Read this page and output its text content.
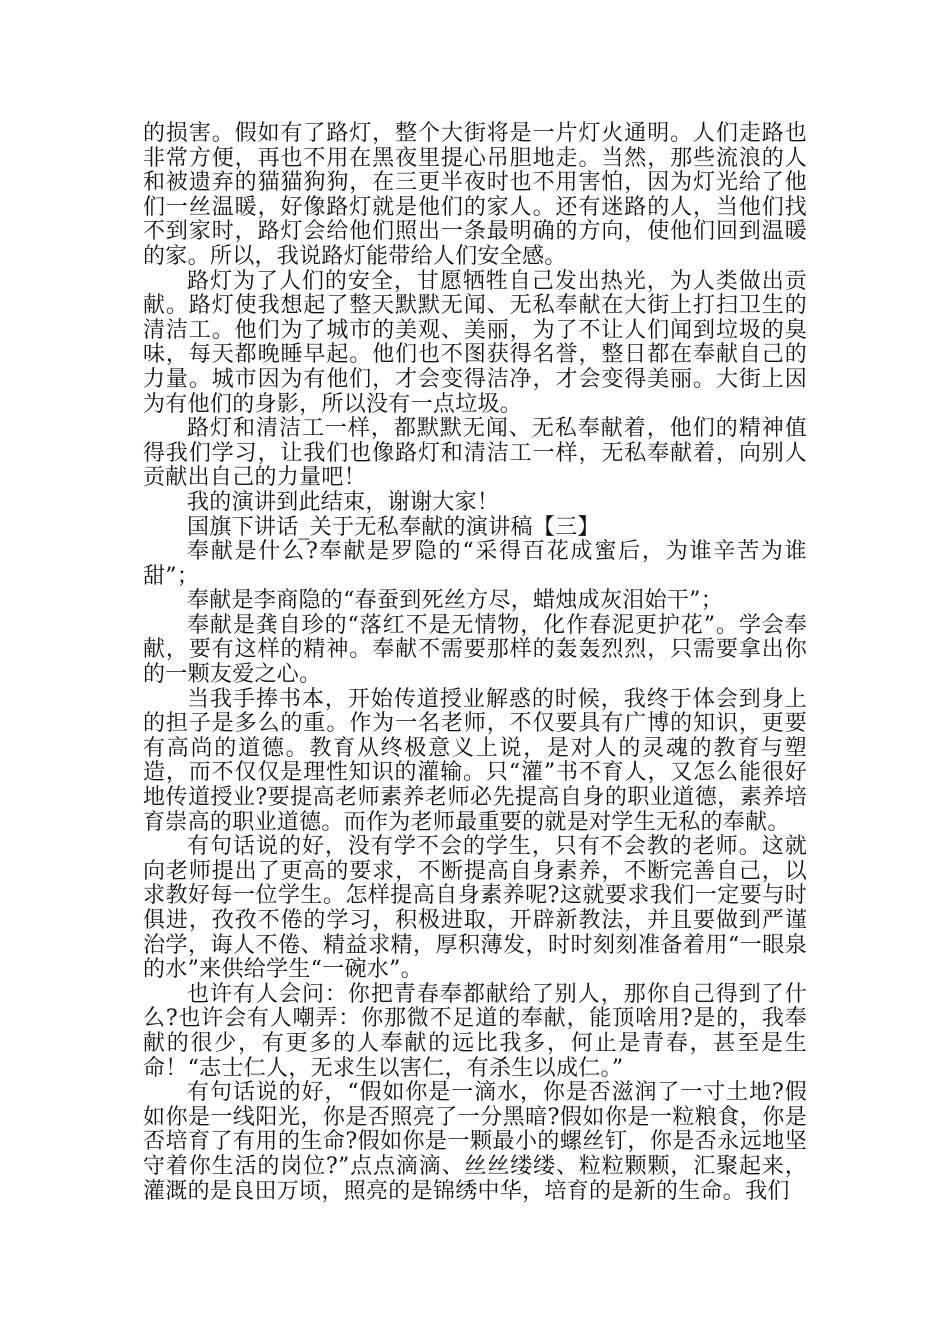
的损害。假如有了路灯，整个大街将是一片灯火通明。人们走路也非常方便，再也不用在黑夜里提心吊胆地走。当然，那些流浪的人和被遗弃的猫猫狗狗，在三更半夜时也不用害怕，因为灯光给了他们一丝温暖，好像路灯就是他们的家人。还有迷路的人，当他们找不到家时，路灯会给他们照出一条最明确的方向，使他们回到温暖的家。所以，我说路灯能带给人们安全感。

路灯为了人们的安全，甘愿牺牲自己发出热光，为人类做出贡献。路灯使我想起了整天默默无闻、无私奉献在大街上打扫卫生的清洁工。他们为了城市的美观、美丽，为了不让人们闻到垃圾的臭味，每天都晚睡早起。他们也不图获得名誉，整日都在奉献自己的力量。城市因为有他们，才会变得洁净，才会变得美丽。大街上因为有他们的身影，所以没有一点垃圾。

路灯和清洁工一样，都默默无闻、无私奉献着，他们的精神值得我们学习，让我们也像路灯和清洁工一样，无私奉献着，向别人贡献出自己的力量吧！

我的演讲到此结束，谢谢大家！

国旗下讲话_关于无私奉献的演讲稿【三】

奉献是什么?奉献是罗隐的“采得百花成蜜后，为谁辛苦为谁甜”；

奉献是李商隐的“春蚕到死丝方尽，蜡烛成灰泪始干”；

奉献是龚自珍的“落红不是无情物，化作春泥更护花”。学会奉献，要有这样的精神。奉献不需要那样的轰轰烈烈，只需要拿出你的一颗友爱之心。

当我手捧书本，开始传道授业解惑的时候，我终于体会到身上的担子是多么的重。作为一名老师，不仅要具有广博的知识，更要有高尚的道德。教育从终极意义上说，是对人的灵魂的教育与塑造，而不仅仅是理性知识的灌输。只“灌”书不育人，又怎么能很好地传道授业?要提高老师素养老师必先提高自身的职业道德，素养培育崇高的职业道德。而作为老师最重要的就是对学生无私的奉献。

有句话说的好，没有学不会的学生，只有不会教的老师。这就向老师提出了更高的要求，不断提高自身素养，不断完善自己，以求教好每一位学生。怎样提高自身素养呢?这就要求我们一定要与时俱进，孜孜不倦的学习，积极进取，开辟新教法，并且要做到严谨治学，诲人不倦、精益求精，厚积薄发，时时刻刻准备着用“一眼泉的水”来供给学生“一碗水”。

也许有人会问：你把青春奉都献给了别人，那你自己得到了什么?也许会有人嘲弄：你那微不足道的奉献，能顶啥用?是的，我奉献的很少，有更多的人奉献的远比我多，何止是青春，甚至是生命！“志士仁人，无求生以害仁，有杀生以成仁。”

有句话说的好，“假如你是一滴水，你是否滋润了一寸土地?假如你是一线阳光，你是否照亮了一分黑暗?假如你是一粒粮食，你是否培育了有用的生命?假如你是一颗最小的螺丝钉，你是否永远地坚守着你生活的岗位?”点点滴滴、丝丝缕缕、粒粒颗颗，汇聚起来，灌溉的是良田万顷，照亮的是锦绣中华，培育的是新的生命。我们
